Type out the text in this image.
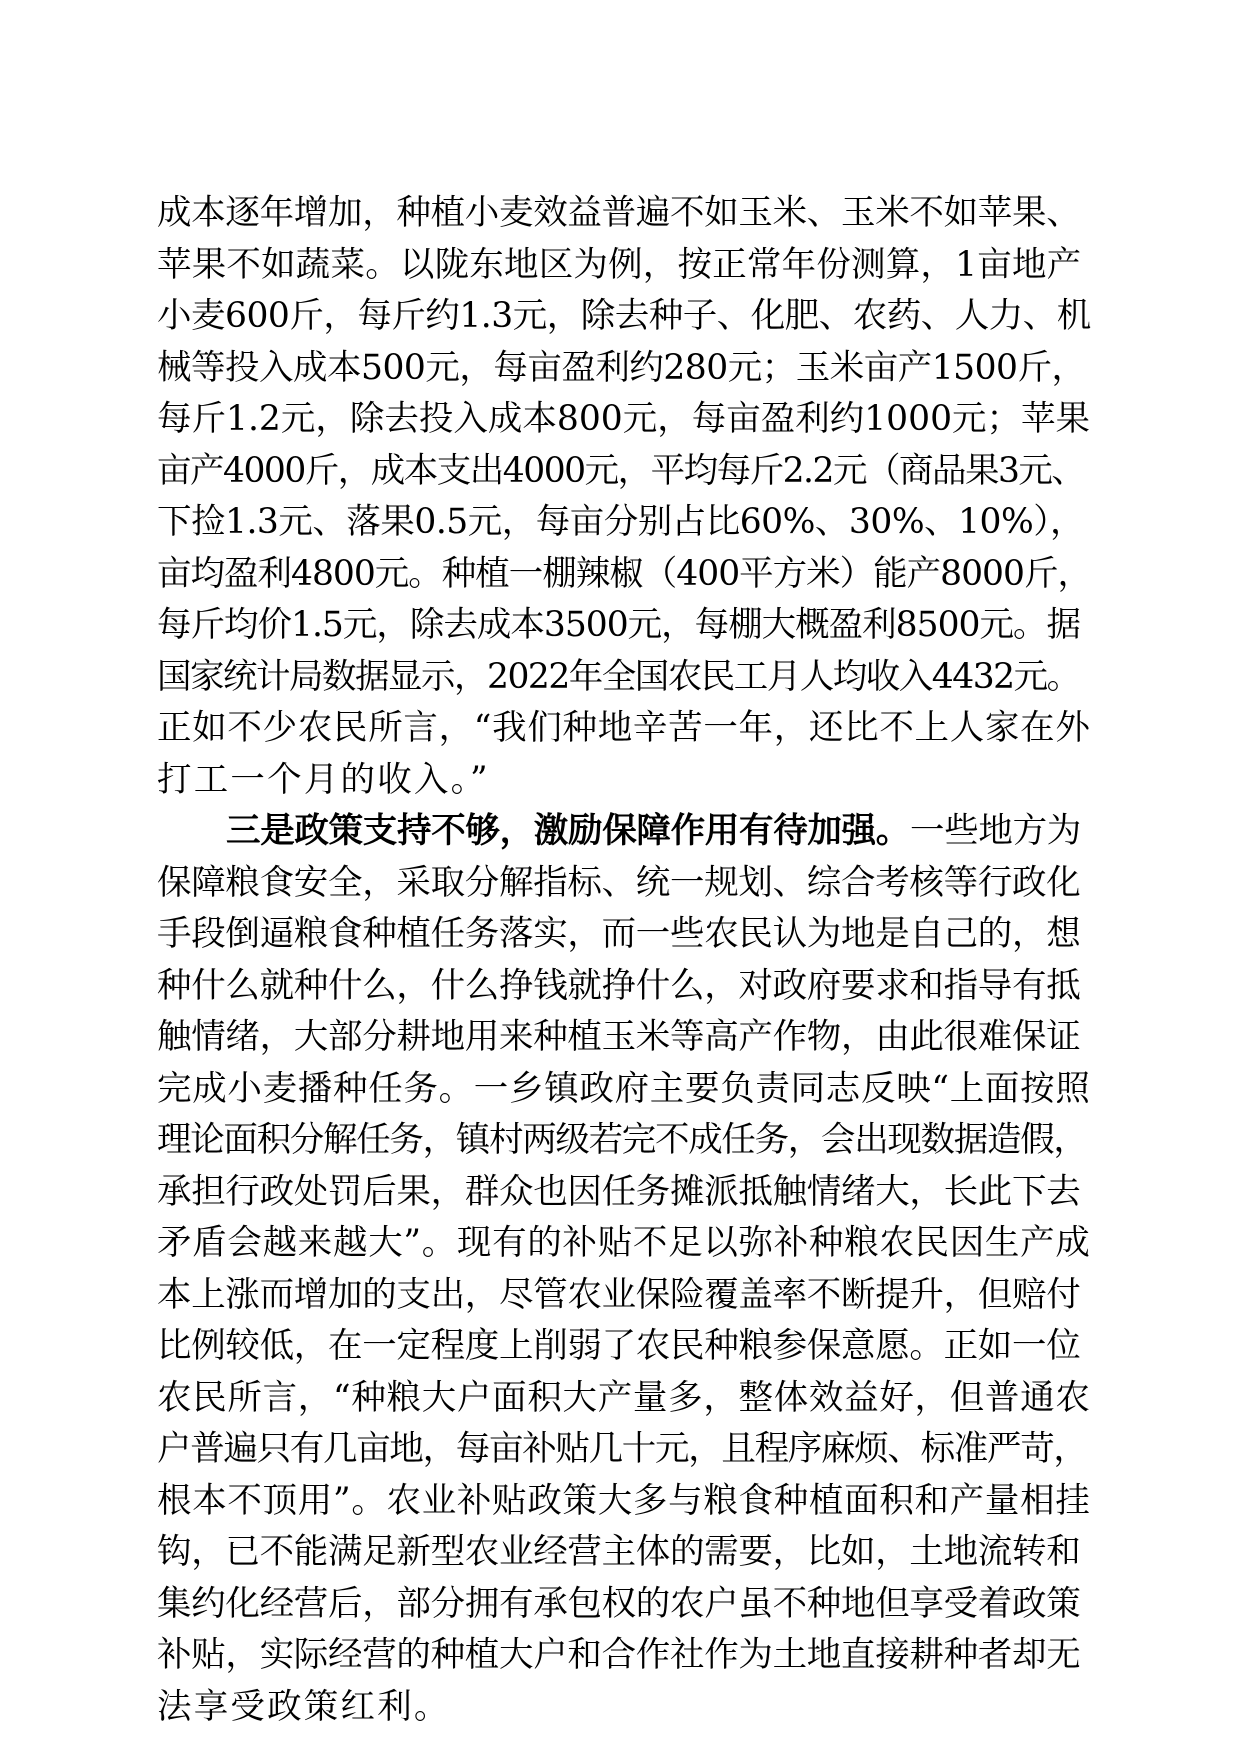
成本逐年增加，种植小麦效益普遍不如玉米、玉米不如苹果、
苹果不如蔬菜。以陇东地区为例，按正常年份测算，1亩地产
小麦600斤，每斤约1.3元，除去种子、化肥、农药、人力、机
械等投入成本500元，每亩盈利约280元；玉米亩产1500斤，
每斤1.2元，除去投入成本800元，每亩盈利约1000元；苹果
亩产4000斤，成本支出4000元，平均每斤2.2元（商品果3元、
下捡1.3元、落果0.5元，每亩分别占比60%、30%、10%），
亩均盈利4800元。种植一棚辣椒（400平方米）能产8000斤，
每斤均价1.5元，除去成本3500元，每棚大概盈利8500元。据
国家统计局数据显示，2022年全国农民工月人均收入4432元。
正如不少农民所言，“我们种地辛苦一年，还比不上人家在外
打工一个月的收入。”
三是政策支持不够，激励保障作用有待加强。一些地方为
保障粮食安全，采取分解指标、统一规划、综合考核等行政化
手段倒逼粮食种植任务落实，而一些农民认为地是自己的，想
种什么就种什么，什么挣钱就挣什么，对政府要求和指导有抵
触情绪，大部分耕地用来种植玉米等高产作物，由此很难保证
完成小麦播种任务。一乡镇政府主要负责同志反映“上面按照
理论面积分解任务，镇村两级若完不成任务，会出现数据造假，
承担行政处罚后果，群众也因任务摊派抵触情绪大，长此下去
矛盾会越来越大”。现有的补贴不足以弥补种粮农民因生产成
本上涨而增加的支出，尽管农业保险覆盖率不断提升，但赔付
比例较低，在一定程度上削弱了农民种粮参保意愿。正如一位
农民所言，“种粮大户面积大产量多，整体效益好，但普通农
户普遍只有几亩地，每亩补贴几十元，且程序麻烦、标准严苛，
根本不顶用”。农业补贴政策大多与粮食种植面积和产量相挂
钩，已不能满足新型农业经营主体的需要，比如，土地流转和
集约化经营后，部分拥有承包权的农户虽不种地但享受着政策
补贴，实际经营的种植大户和合作社作为土地直接耕种者却无
法享受政策红利。
